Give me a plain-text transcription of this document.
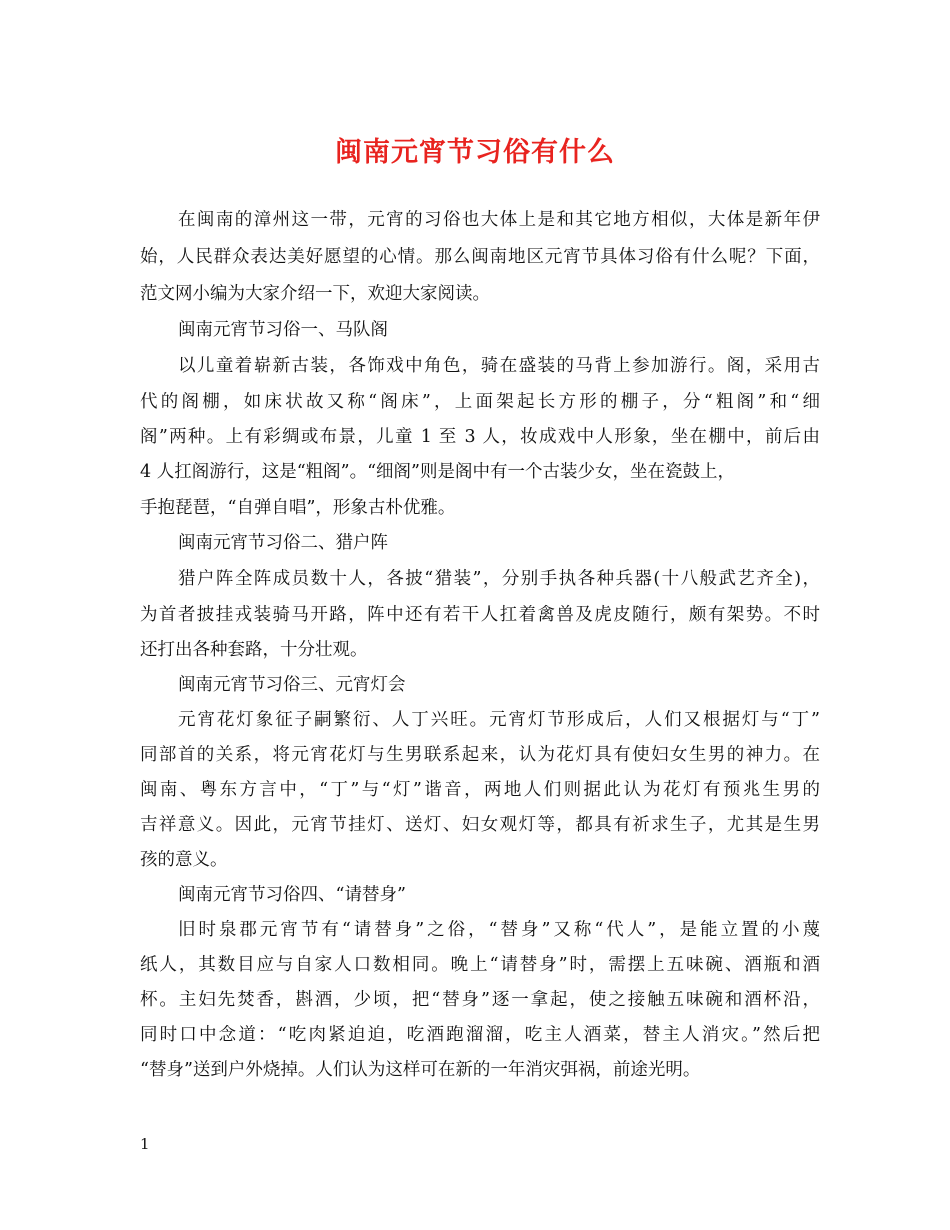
闽南元宵节习俗有什么
在闽南的漳州这一带，元宵的习俗也大体上是和其它地方相似，大体是新年伊
始，人民群众表达美好愿望的心情。那么闽南地区元宵节具体习俗有什么呢？下面，
范文网小编为大家介绍一下，欢迎大家阅读。
闽南元宵节习俗一、马队阁
以儿童着崭新古装，各饰戏中角色，骑在盛装的马背上参加游行。阁，采用古
代的阁棚，如床状故又称“阁床”，上面架起长方形的棚子，分“粗阁”和“细
阁”两种。上有彩绸或布景，儿童 1 至 3 人，妆成戏中人形象，坐在棚中，前后由
4 人扛阁游行，这是“粗阁”。“细阁”则是阁中有一个古装少女，坐在瓷鼓上，
手抱琵琶，“自弹自唱”，形象古朴优雅。
闽南元宵节习俗二、猎户阵
猎户阵全阵成员数十人，各披“猎装”，分别手执各种兵器(十八般武艺齐全)，
为首者披挂戎装骑马开路，阵中还有若干人扛着禽兽及虎皮随行，颇有架势。不时
还打出各种套路，十分壮观。
闽南元宵节习俗三、元宵灯会
元宵花灯象征子嗣繁衍、人丁兴旺。元宵灯节形成后，人们又根据灯与“丁”
同部首的关系，将元宵花灯与生男联系起来，认为花灯具有使妇女生男的神力。在
闽南、粤东方言中，“丁”与“灯”谐音，两地人们则据此认为花灯有预兆生男的
吉祥意义。因此，元宵节挂灯、送灯、妇女观灯等，都具有祈求生子，尤其是生男
孩的意义。
闽南元宵节习俗四、“请替身”
旧时泉郡元宵节有“请替身”之俗，“替身”又称“代人”，是能立置的小蔑
纸人，其数目应与自家人口数相同。晚上“请替身”时，需摆上五味碗、酒瓶和酒
杯。主妇先焚香，斟酒，少顷，把“替身”逐一拿起，使之接触五味碗和酒杯沿，
同时口中念道：“吃肉紧迫迫，吃酒跑溜溜，吃主人酒菜，替主人消灾。”然后把
“替身”送到户外烧掉。人们认为这样可在新的一年消灾弭祸，前途光明。
1
